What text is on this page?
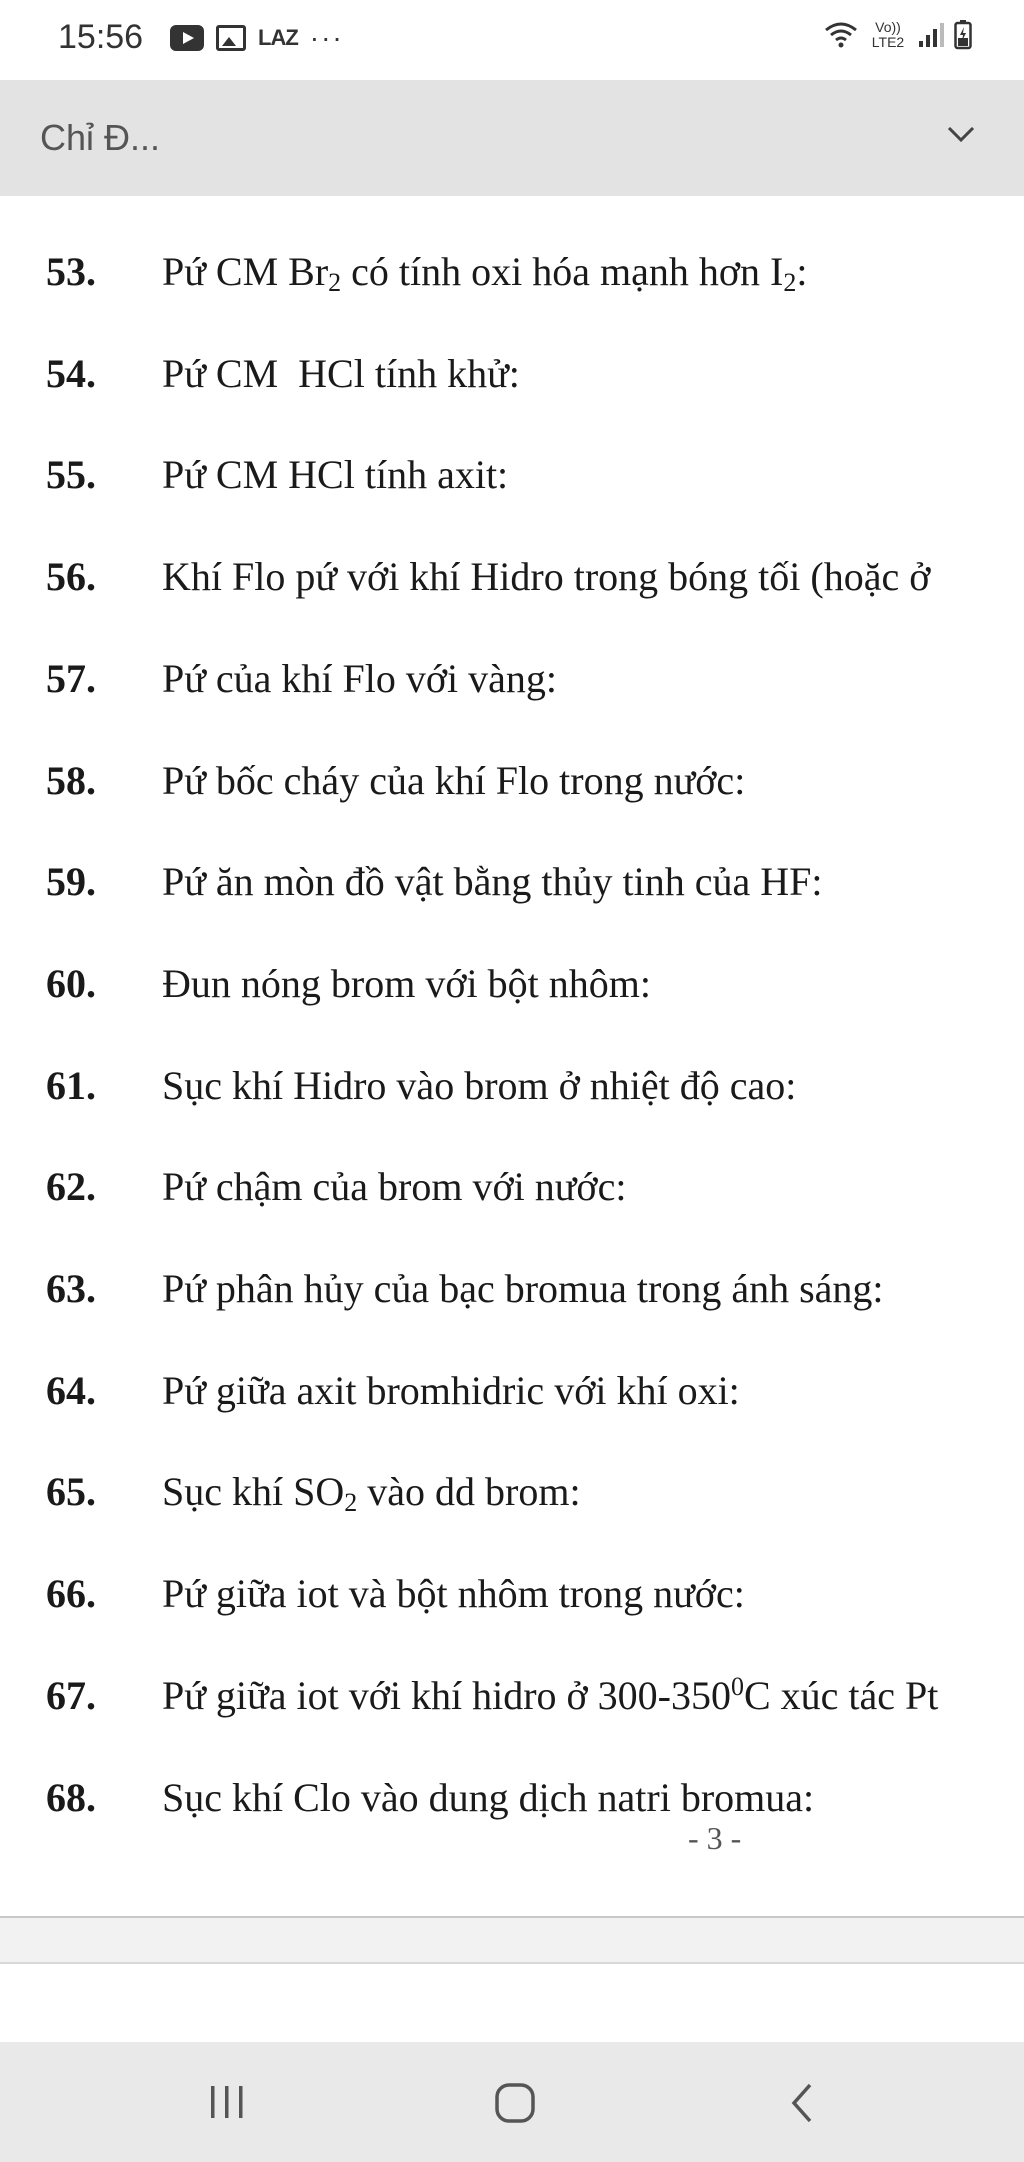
15:56	LAZ ···	Vo)) LTE2
Chỉ Đ...
- 3 -
53. Pứ CM $Br_2$ có tính oxi hóa mạnh hơn $I_2$:
54. Pứ CM  HCl tính khử:
55. Pứ CM HCl tính axit:
56. Khí Flo pứ với khí Hidro trong bóng tối (hoặc ở
57. Pứ của khí Flo với vàng:
58. Pứ bốc cháy của khí Flo trong nước:
59. Pứ ăn mòn đồ vật bằng thủy tinh của HF:
60. Đun nóng brom với bột nhôm:
61. Sục khí Hidro vào brom ở nhiệt độ cao:
62. Pứ chậm của brom với nước:
63. Pứ phân hủy của bạc bromua trong ánh sáng:
64. Pứ giữa axit bromhidric với khí oxi:
65. Sục khí $SO_2$ vào dd brom:
66. Pứ giữa iot và bột nhôm trong nước:
67. Pứ giữa iot với khí hidro ở $300-350^0C$ xúc tác Pt
68. Sục khí Clo vào dung dịch natri bromua:
